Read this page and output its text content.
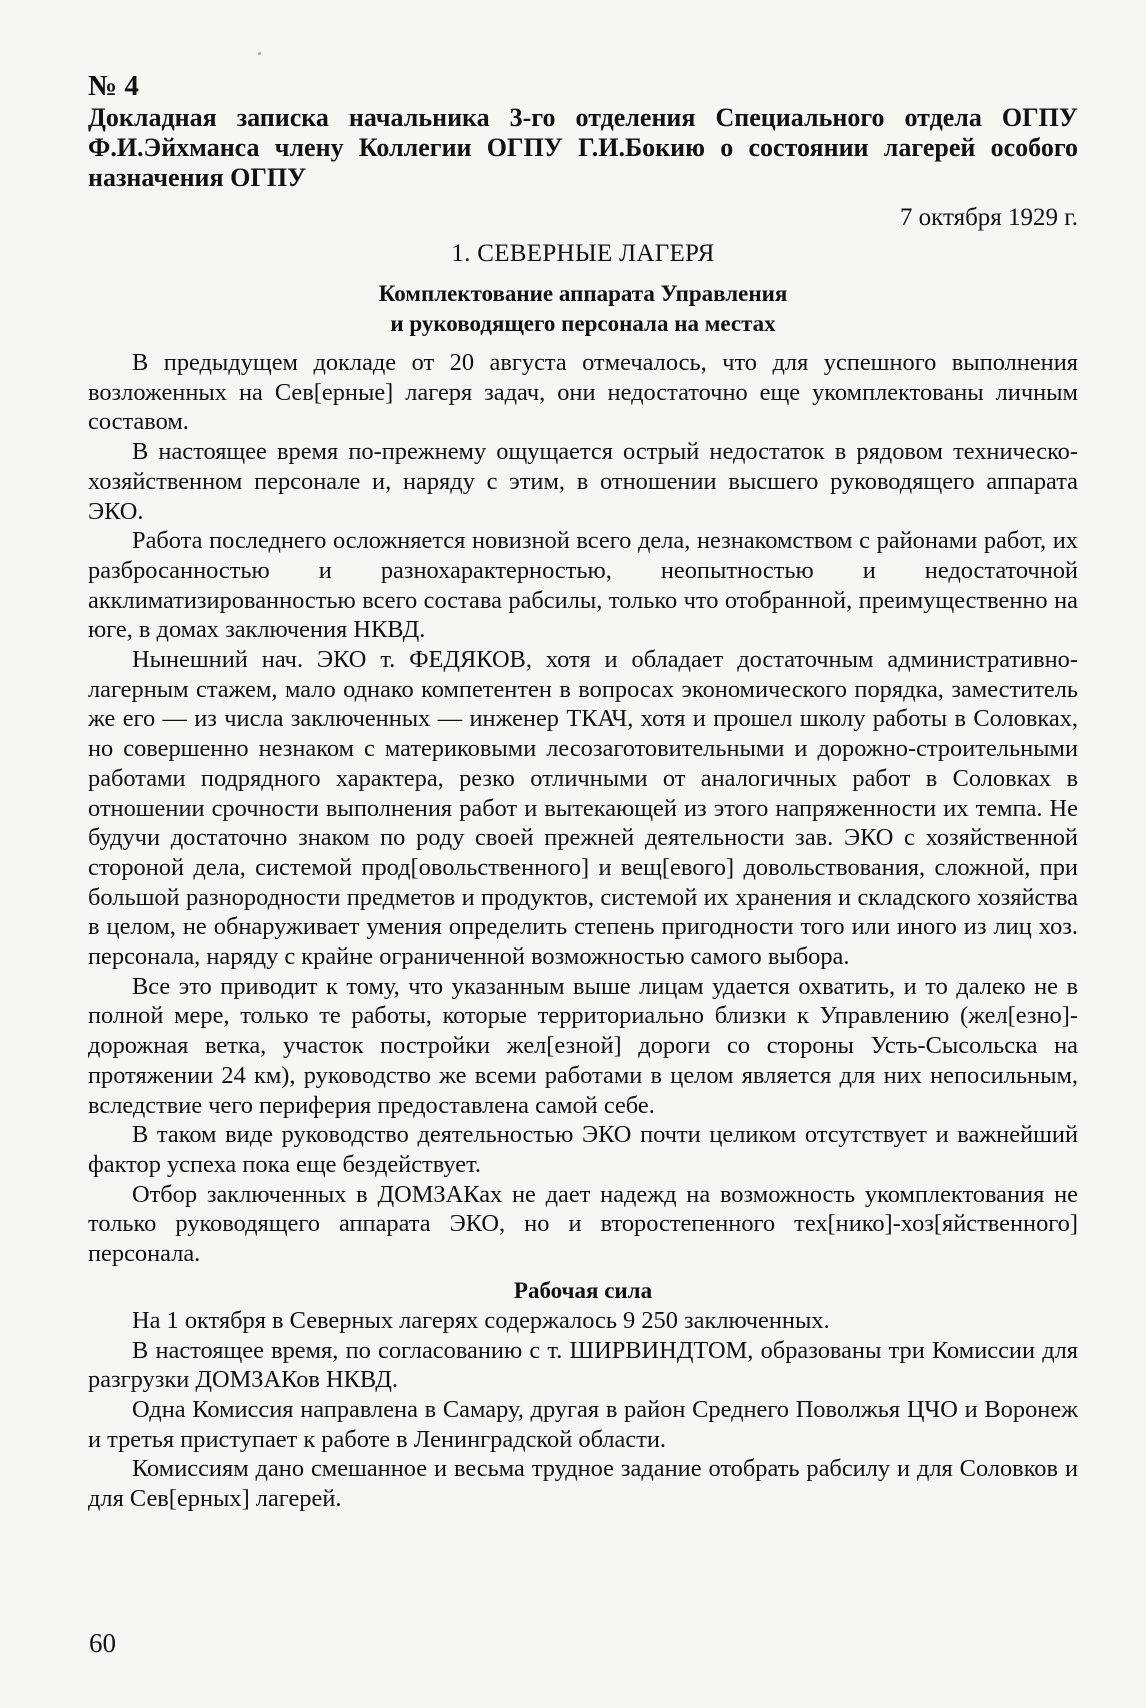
№ 4
Докладная записка начальника 3-го отделения Специального отдела ОГПУ Ф.И.Эйхманса члену Коллегии ОГПУ Г.И.Бокию о состоянии лагерей особого назначения ОГПУ
7 октября 1929 г.
1. СЕВЕРНЫЕ ЛАГЕРЯ
Комплектование аппарата Управления
и руководящего персонала на местах

В предыдущем докладе от 20 августа отмечалось, что для успешного выполнения возложенных на Сев[ерные] лагеря задач, они недостаточно еще укомплектованы личным составом.

В настоящее время по-прежнему ощущается острый недостаток в рядовом техническо-хозяйственном персонале и, наряду с этим, в отношении высшего руководящего аппарата ЭКО.

Работа последнего осложняется новизной всего дела, незнакомством с районами работ, их разбросанностью и разнохарактерностью, неопытностью и недостаточной акклиматизированностью всего состава рабсилы, только что отобранной, преимущественно на юге, в домах заключения НКВД.

Нынешний нач. ЭКО т. ФЕДЯКОВ, хотя и обладает достаточным административно-лагерным стажем, мало однако компетентен в вопросах экономического порядка, заместитель же его — из числа заключенных — инженер ТКАЧ, хотя и прошел школу работы в Соловках, но совершенно незнаком с материковыми лесозаготовительными и дорожно-строительными работами подрядного характера, резко отличными от аналогичных работ в Соловках в отношении срочности выполнения работ и вытекающей из этого напряженности их темпа. Не будучи достаточно знаком по роду своей прежней деятельности зав. ЭКО с хозяйственной стороной дела, системой прод[овольственного] и вещ[евого] довольствования, сложной, при большой разнородности предметов и продуктов, системой их хранения и складского хозяйства в целом, не обнаруживает умения определить степень пригодности того или иного из лиц хоз. персонала, наряду с крайне ограниченной возможностью самого выбора.

Все это приводит к тому, что указанным выше лицам удается охватить, и то далеко не в полной мере, только те работы, которые территориально близки к Управлению (жел[езно]-дорожная ветка, участок постройки жел[езной] дороги со стороны Усть-Сысольска на протяжении 24 км), руководство же всеми работами в целом является для них непосильным, вследствие чего периферия предоставлена самой себе.

В таком виде руководство деятельностью ЭКО почти целиком отсутствует и важнейший фактор успеха пока еще бездействует.

Отбор заключенных в ДОМЗАКах не дает надежд на возможность укомплектования не только руководящего аппарата ЭКО, но и второстепенного тех[нико]-хоз[яйственного] персонала.

Рабочая сила

На 1 октября в Северных лагерях содержалось 9 250 заключенных.

В настоящее время, по согласованию с т. ШИРВИНДТОМ, образованы три Комиссии для разгрузки ДОМЗАКов НКВД.

Одна Комиссия направлена в Самару, другая в район Среднего Поволжья ЦЧО и Воронеж и третья приступает к работе в Ленинградской области.

Комиссиям дано смешанное и весьма трудное задание отобрать рабсилу и для Соловков и для Сев[ерных] лагерей.

60
